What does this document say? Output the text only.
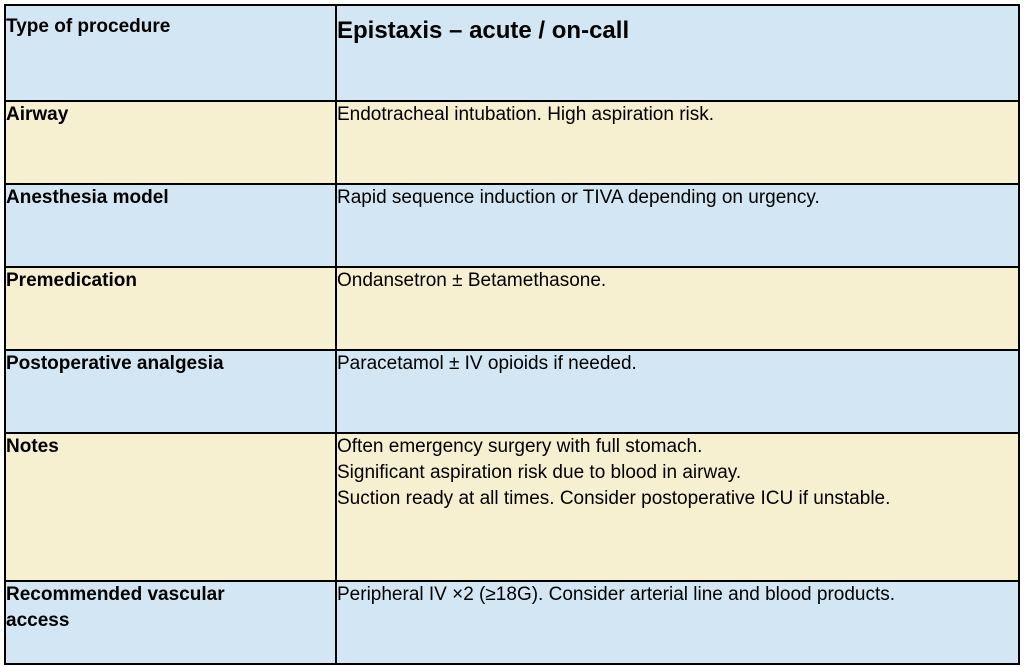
Type of procedure	Epistaxis – acute / on-call
Airway	Endotracheal intubation. High aspiration risk.
Anesthesia model	Rapid sequence induction or TIVA depending on urgency.
Premedication	Ondansetron ± Betamethasone.
Postoperative analgesia	Paracetamol ± IV opioids if needed.
Notes	Often emergency surgery with full stomach.
Significant aspiration risk due to blood in airway.
Suction ready at all times. Consider postoperative ICU if unstable.

Recommended vascular
access	Peripheral IV ×2 (≥18G). Consider arterial line and blood products.
